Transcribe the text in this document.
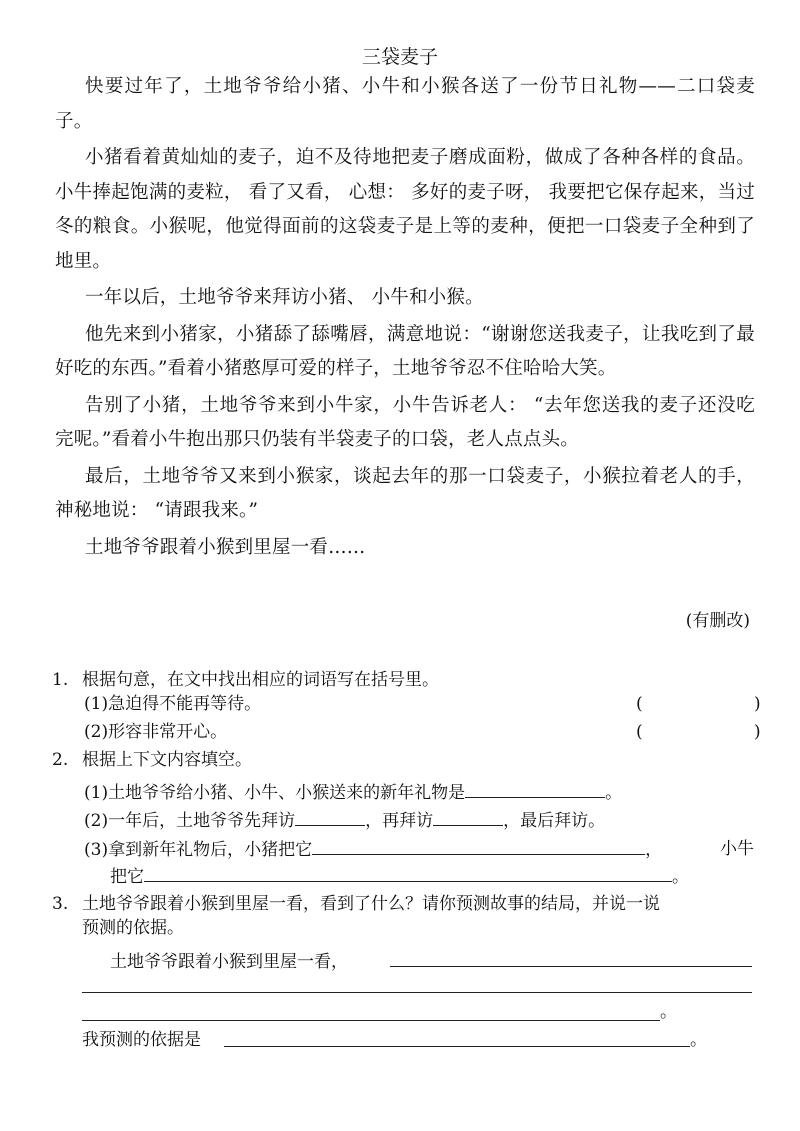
三袋麦子

快要过年了，土地爷爷给小猪、小牛和小猴各送了一份节日礼物——二口袋麦子。

小猪看着黄灿灿的麦子，迫不及待地把麦子磨成面粉，做成了各种各样的食品。小牛捧起饱满的麦粒， 看了又看， 心想： 多好的麦子呀， 我要把它保存起来，当过冬的粮食。小猴呢，他觉得面前的这袋麦子是上等的麦种，便把一口袋麦子全种到了地里。

一年以后，土地爷爷来拜访小猪、 小牛和小猴。

他先来到小猪家，小猪舔了舔嘴唇，满意地说：“谢谢您送我麦子，让我吃到了最好吃的东西。”看着小猪憨厚可爱的样子，土地爷爷忍不住哈哈大笑。

告别了小猪，土地爷爷来到小牛家，小牛告诉老人： “去年您送我的麦子还没吃完呢。”看着小牛抱出那只仍装有半袋麦子的口袋，老人点点头。

最后，土地爷爷又来到小猴家，谈起去年的那一口袋麦子，小猴拉着老人的手，神秘地说： “请跟我来。”

土地爷爷跟着小猴到里屋一看……

(有删改)
1. 根据句意，在文中找出相应的词语写在括号里。
(1)急迫得不能再等待。	(	)
(2)形容非常开心。	(	)
2. 根据上下文内容填空。
(1)土地爷爷给小猪、小牛、小猴送来的新年礼物是	。
(2)一年后，土地爷爷先拜访	，再拜访	，最后拜访。
(3)拿到新年礼物后，小猪把它	，	小牛
把它	。
3. 土地爷爷跟着小猴到里屋一看，看到了什么？请你预测故事的结局，并说一说
预测的依据。
土地爷爷跟着小猴到里屋一看，
。
我预测的依据是	。
